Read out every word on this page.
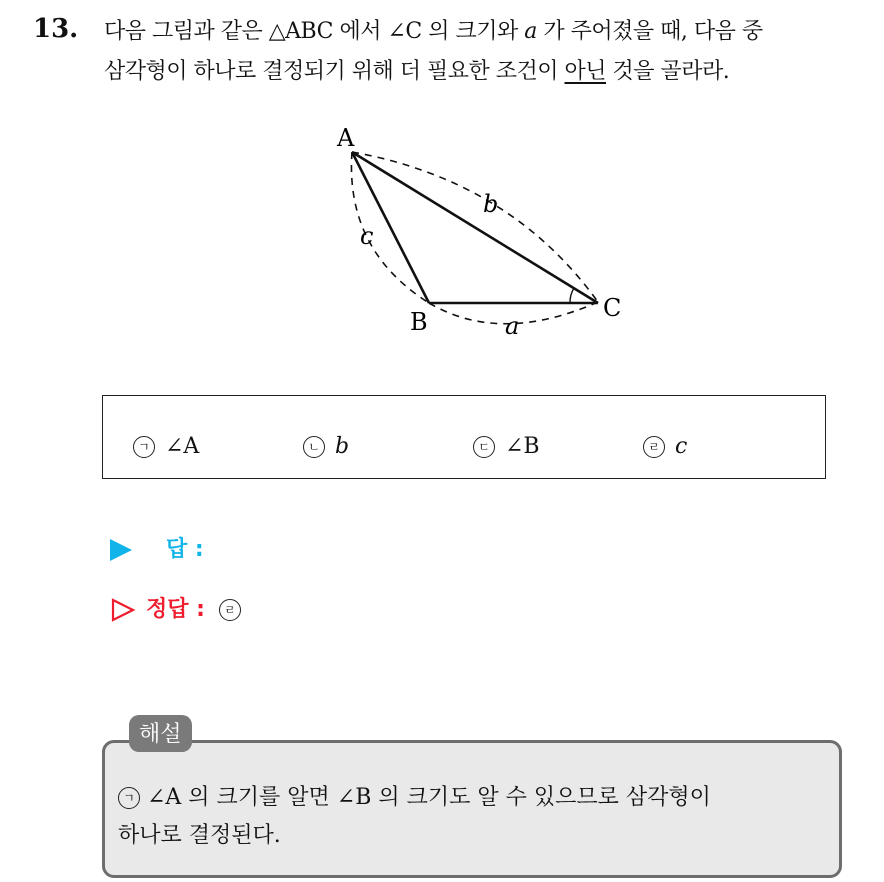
13. 다음 그림과 같은 △ABC 에서 ∠C 의 크기와 a 가 주어졌을 때, 다음 중
삼각형이 하나로 결정되기 위해 더 필요한 조건이 아닌 것을 골라라.
A
B	C
b
c
a
ㄱ ∠A	ㄴ b	ㄷ ∠B	ㄹ c
답 :
정답 : ㄹ
해설
ㄱ ∠A 의 크기를 알면 ∠B 의 크기도 알 수 있으므로 삼각형이
하나로 결정된다.
